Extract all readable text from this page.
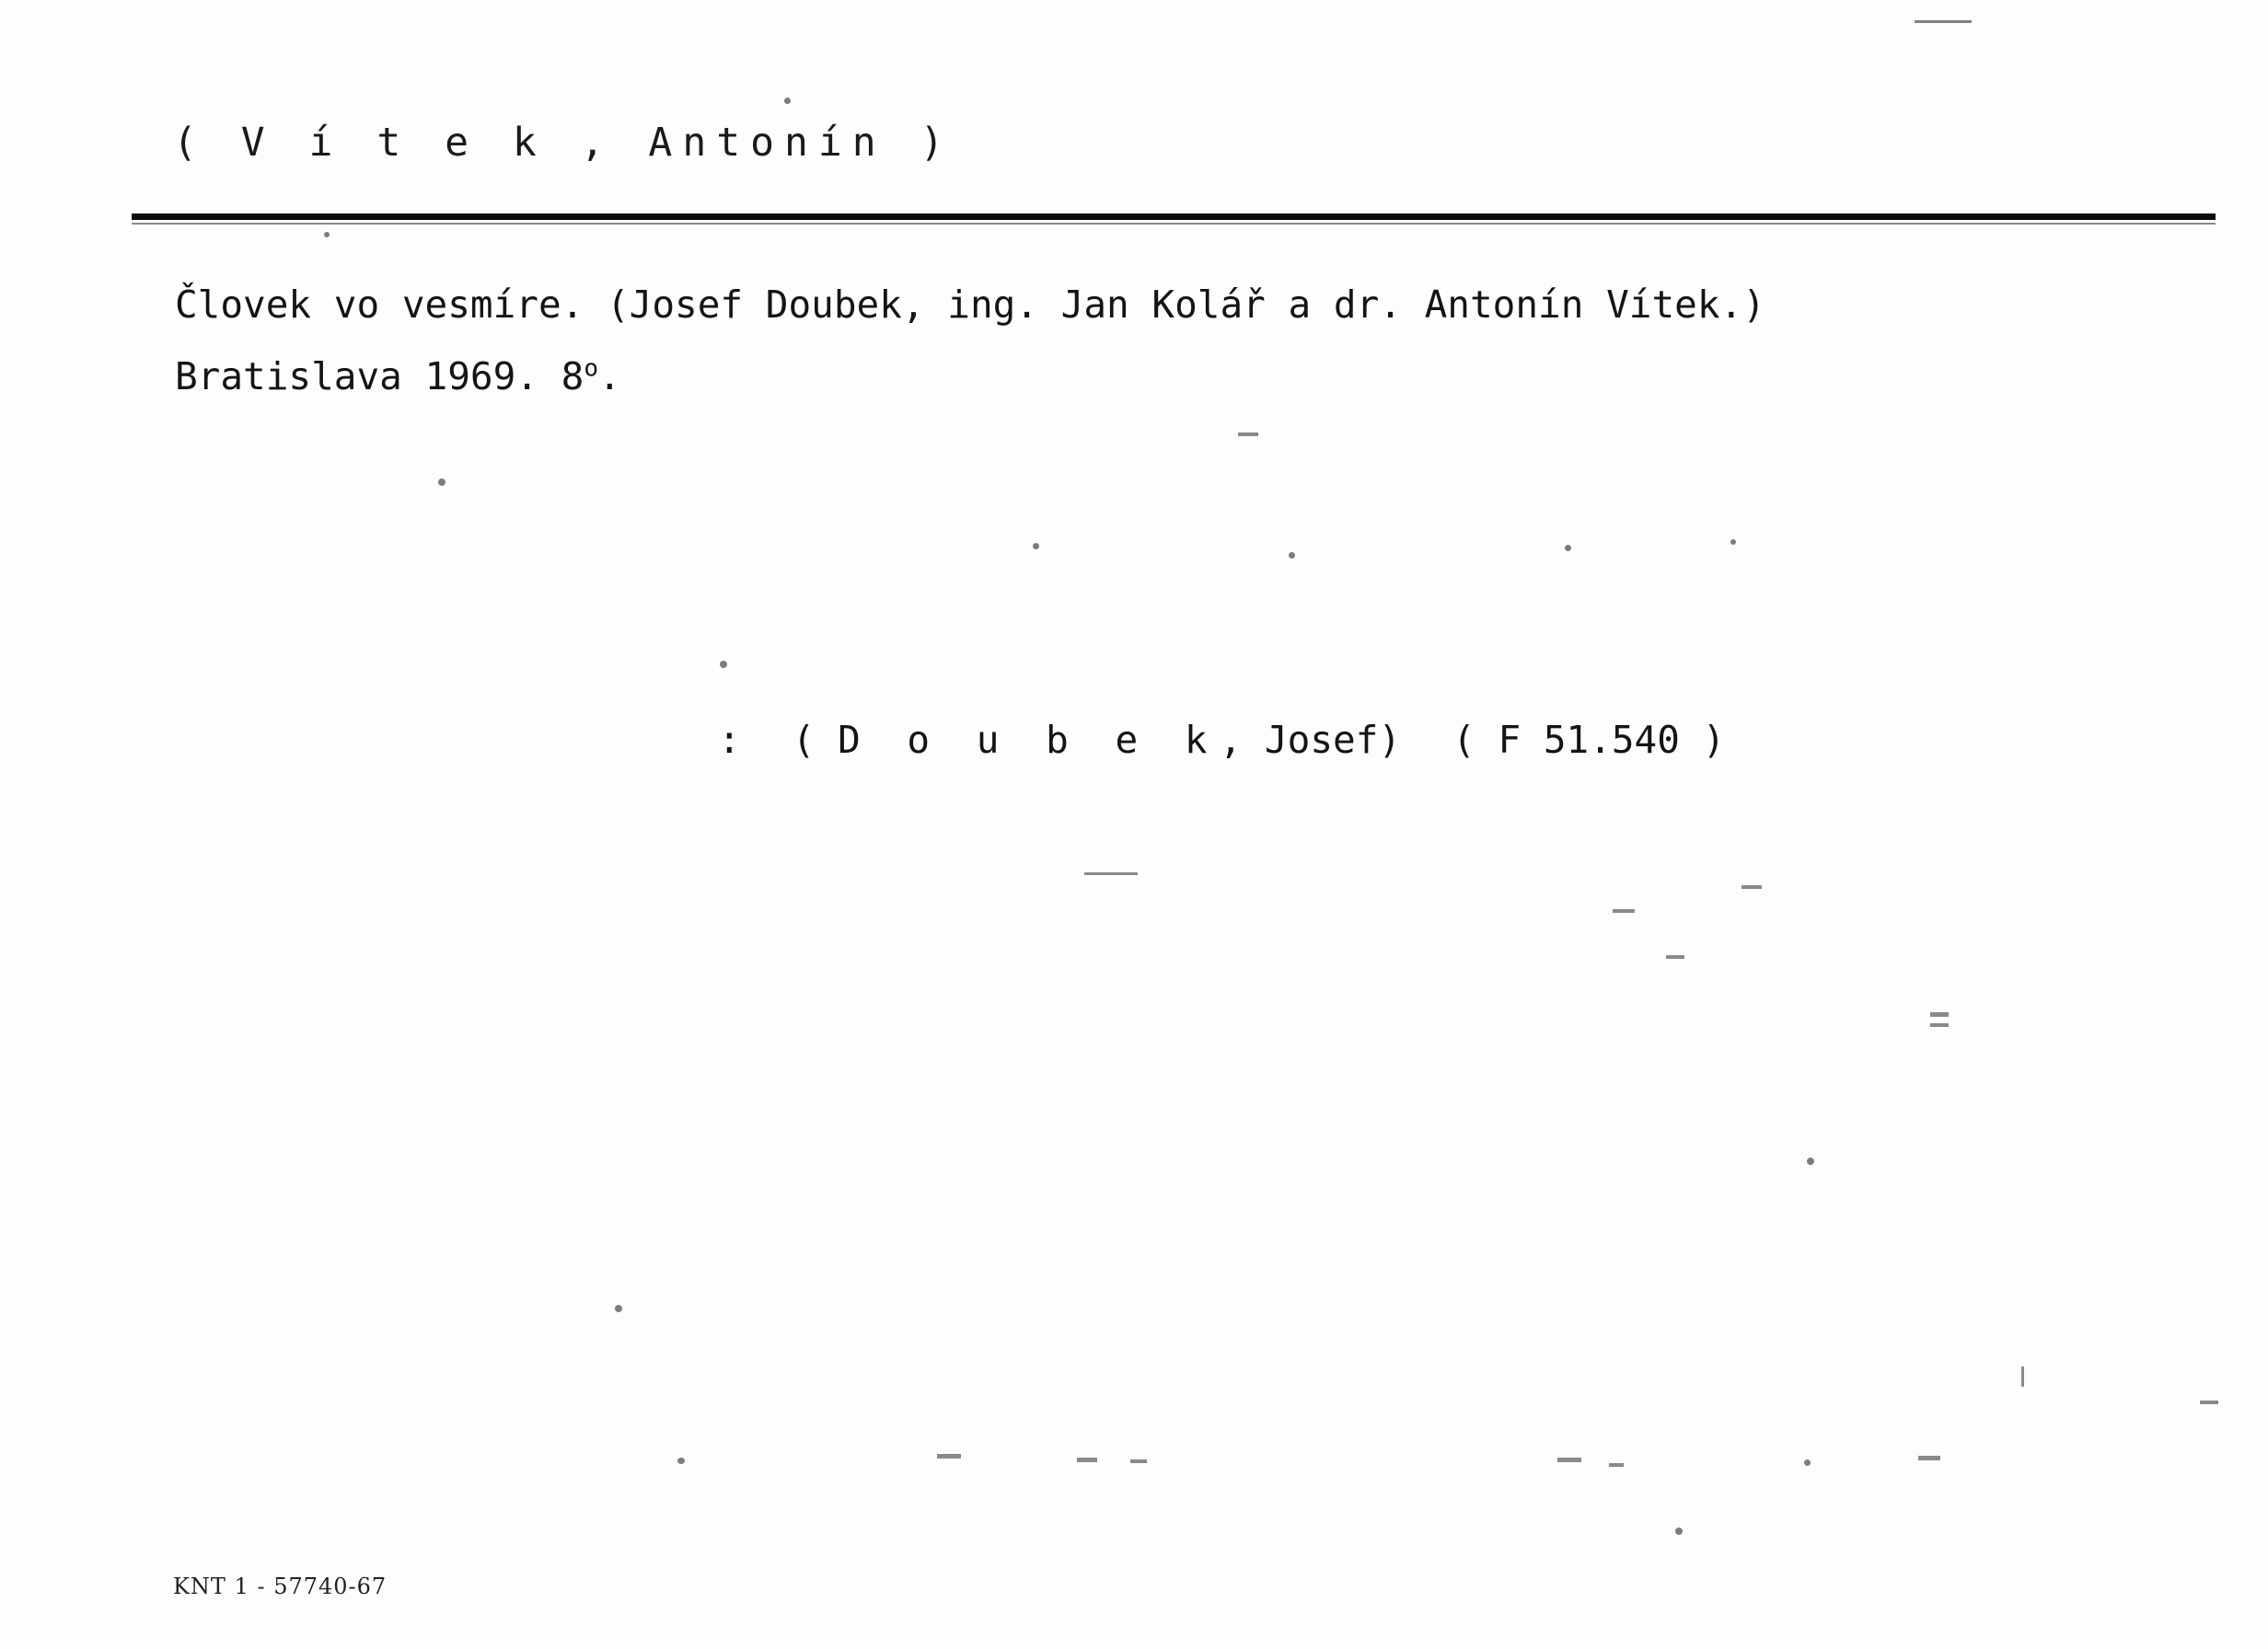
( V í t e k , Antonín )
Človek vo vesmíre. (Josef Doubek, ing. Jan Kolář a dr. Antonín Vítek.)
Bratislava 1969. 8$^o$.
: ( D o u b e k, Josef) ( F 51.540 )
KNT 1 - 57740-67
